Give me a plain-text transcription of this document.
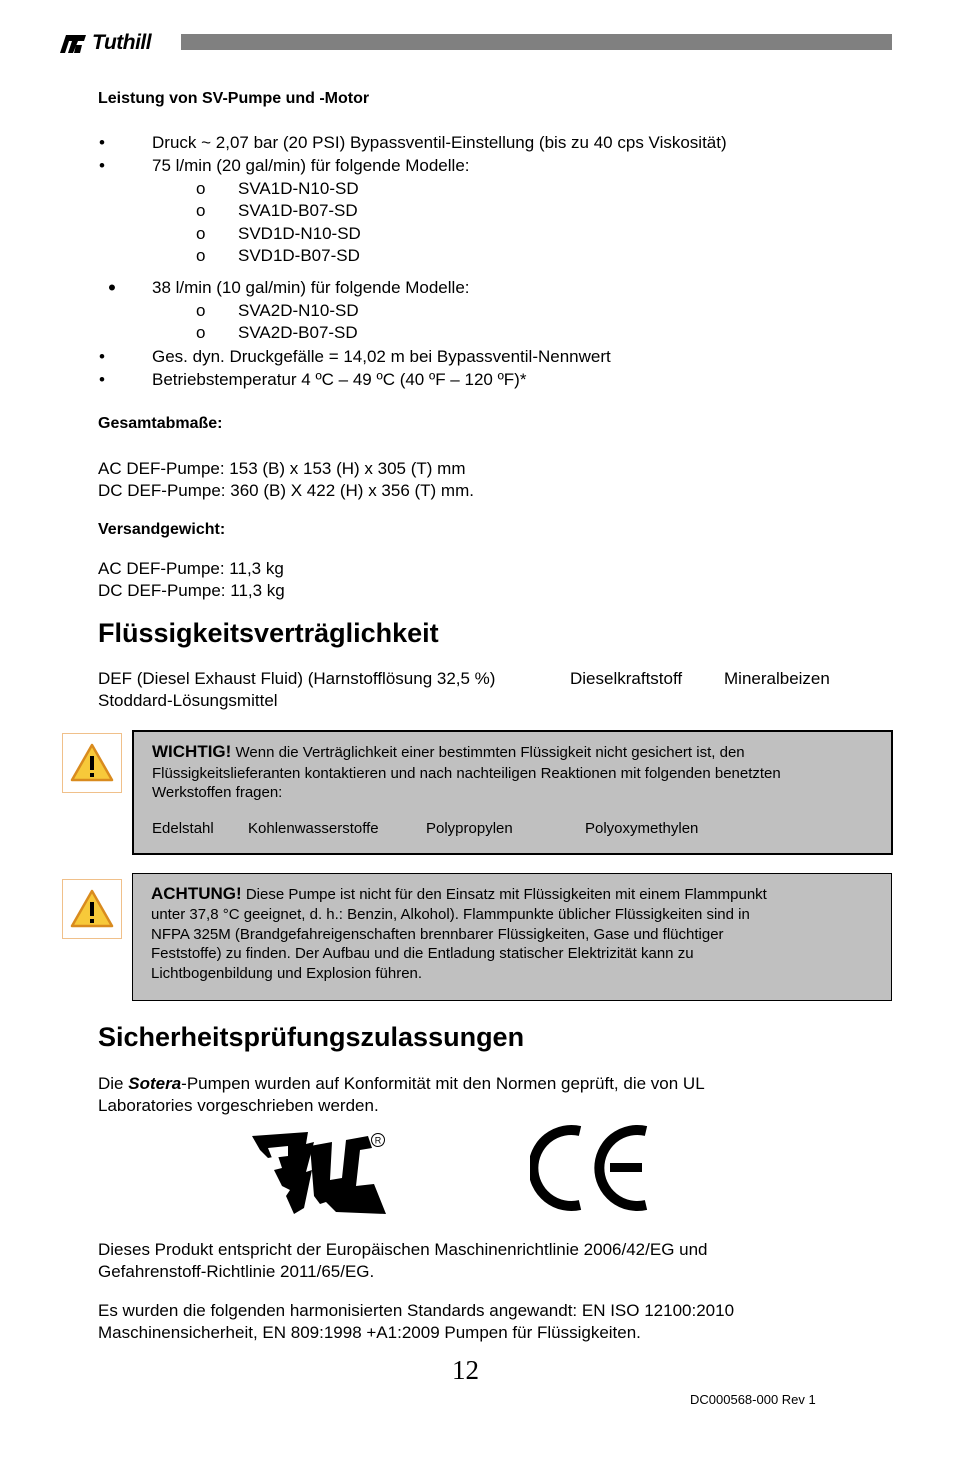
Tuthill
Leistung von SV-Pumpe und -Motor
•	Druck ~ 2,07 bar (20 PSI) Bypassventil-Einstellung (bis zu 40 cps Viskosität)
•	75 l/min (20 gal/min) für folgende Modelle:
o SVA1D-N10-SD
o SVA1D-B07-SD
o SVD1D-N10-SD
o SVD1D-B07-SD
• 38 l/min (10 gal/min) für folgende Modelle:
o SVA2D-N10-SD
o SVA2D-B07-SD
•	Ges. dyn. Druckgefälle = 14,02 m bei Bypassventil-Nennwert
•	Betriebstemperatur 4 ºC – 49 ºC (40 ºF – 120 ºF)*
Gesamtabmaße:
AC DEF-Pumpe: 153 (B) x 153 (H) x 305 (T) mm
DC DEF-Pumpe: 360 (B) X 422 (H) x 356 (T) mm.
Versandgewicht:
AC DEF-Pumpe: 11,3 kg
DC DEF-Pumpe: 11,3 kg
Flüssigkeitsverträglichkeit
DEF (Diesel Exhaust Fluid) (Harnstofflösung 32,5 %)	Dieselkraftstoff Mineralbeizen
Stoddard-Lösungsmittel
WICHTIG! Wenn die Verträglichkeit einer bestimmten Flüssigkeit nicht gesichert ist, den
Flüssigkeitslieferanten kontaktieren und nach nachteiligen Reaktionen mit folgenden benetzten
Werkstoffen fragen:
Edelstahl Kohlenwasserstoffe	Polypropylen	Polyoxymethylen
ACHTUNG! Diese Pumpe ist nicht für den Einsatz mit Flüssigkeiten mit einem Flammpunkt
unter 37,8 °C geeignet, d. h.: Benzin, Alkohol). Flammpunkte üblicher Flüssigkeiten sind in
NFPA 325M (Brandgefahreigenschaften brennbarer Flüssigkeiten, Gase und flüchtiger
Feststoffe) zu finden. Der Aufbau und die Entladung statischer Elektrizität kann zu
Lichtbogenbildung und Explosion führen.
Sicherheitsprüfungszulassungen
Die Sotera-Pumpen wurden auf Konformität mit den Normen geprüft, die von UL
Laboratories vorgeschrieben werden.
R
Dieses Produkt entspricht der Europäischen Maschinenrichtlinie 2006/42/EG und
Gefahrenstoff-Richtlinie 2011/65/EG.
Es wurden die folgenden harmonisierten Standards angewandt: EN ISO 12100:2010
Maschinensicherheit, EN 809:1998 +A1:2009 Pumpen für Flüssigkeiten.
12
DC000568-000 Rev 1
